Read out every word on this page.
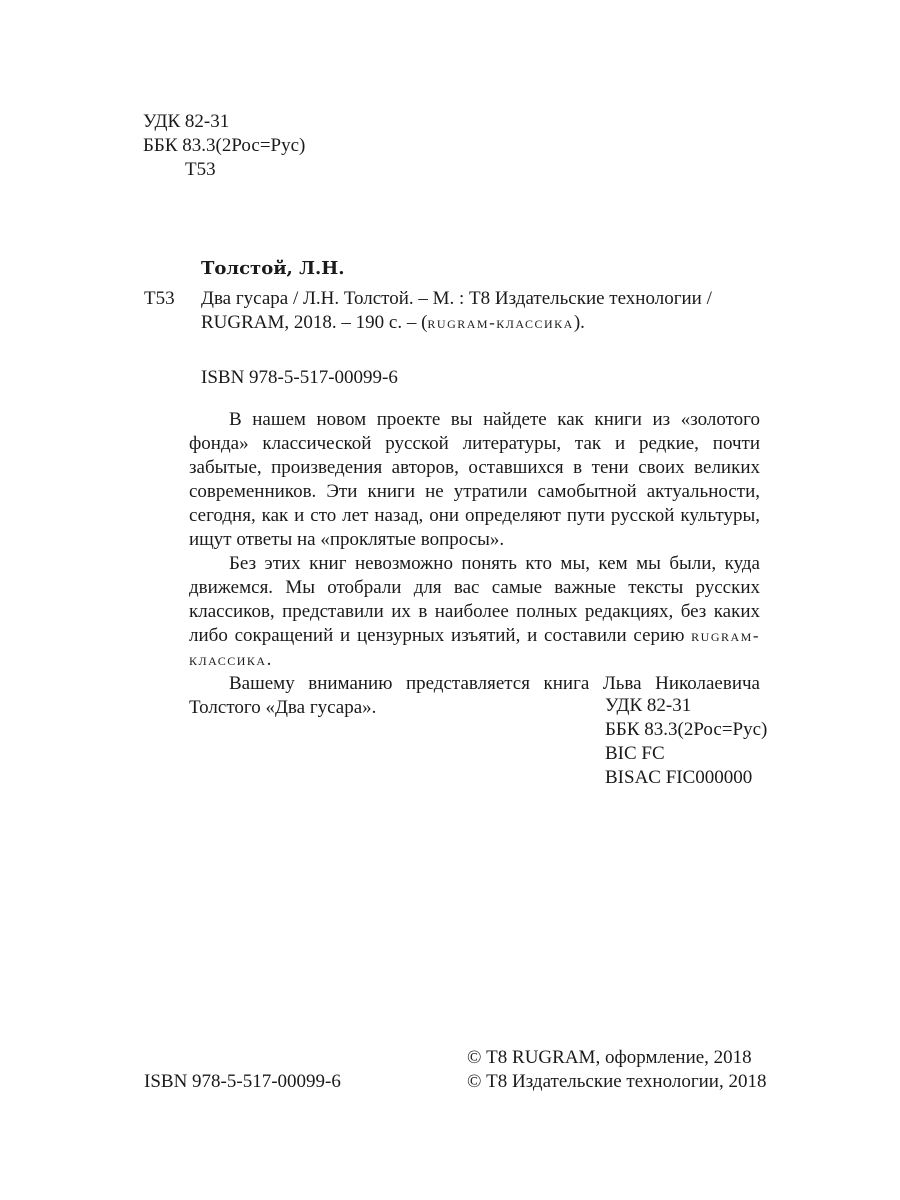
УДК 82-31
ББК 83.3(2Рос=Рус)
Т53
Толстой, Л.Н.
Т53 Два гусара / Л.Н. Толстой. – М. : Т8 Издательские технологии /
RUGRAM, 2018. – 190 с. – (rugram-классика).
ISBN 978-5-517-00099-6

В нашем новом проекте вы найдете как книги из «золотого фонда» классической русской литературы, так и редкие, почти забытые, произведения авторов, оставшихся в тени своих великих современников. Эти книги не утратили самобытной актуальности, сегодня, как и сто лет назад, они определяют пути русской культуры, ищут ответы на «проклятые вопросы».

Без этих книг невозможно понять кто мы, кем мы были, куда движемся. Мы отобрали для вас самые важные тексты русских классиков, представили их в наиболее полных редакциях, без каких либо сокращений и цензурных изъятий, и составили серию rugram-классика.

Вашему вниманию представляется книга Льва Николаевича Толстого «Два гусара».	УДК 82-31
ББК 83.3(2Рос=Рус)
BIC FC
BISAC FIC000000
ISBN 978-5-517-00099-6
© Т8 RUGRAM, оформление, 2018
© Т8 Издательские технологии, 2018
